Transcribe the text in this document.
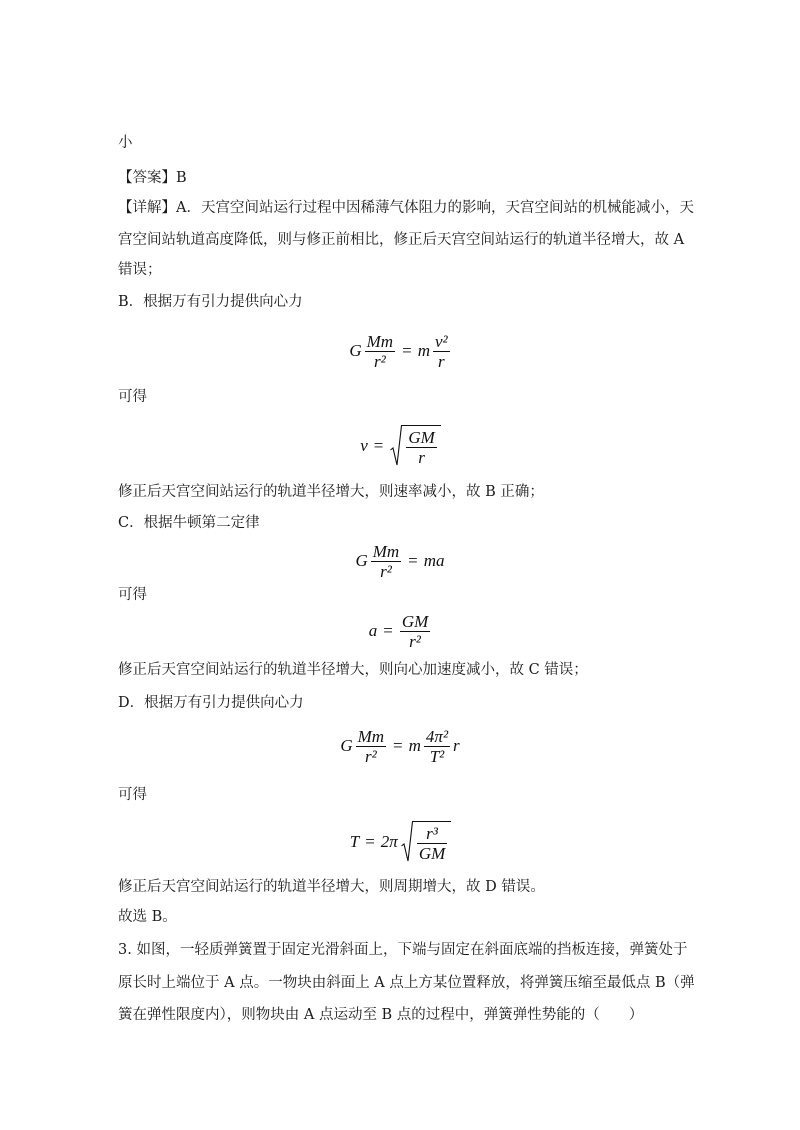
小
【答案】B
【详解】A．天宫空间站运行过程中因稀薄气体阻力的影响，天宫空间站的机械能减小，天
宫空间站轨道高度降低，则与修正前相比，修正后天宫空间站运行的轨道半径增大，故 A
错误；
B．根据万有引力提供向心力
G $\frac{Mm}{\text{r²}} = m \frac{\text{v²}}{r}$
可得
$v = \frac{GM}{r}$
修正后天宫空间站运行的轨道半径增大，则速率减小，故 B 正确；
C．根据牛顿第二定律
G $\frac{Mm}{\text{r²}}$ = ma
可得
$a = \frac{GM}{\text{r²}}$
修正后天宫空间站运行的轨道半径增大，则向心加速度减小，故 C 错误；
D．根据万有引力提供向心力
G $\frac{Mm}{\text{r²}} = m \frac{\text{4π²}}{\text{T²}}$ r
可得
$T = 2\pi \frac{\text{r³}}{GM}$
修正后天宫空间站运行的轨道半径增大，则周期增大，故 D 错误。
故选 B。
3. 如图，一轻质弹簧置于固定光滑斜面上，下端与固定在斜面底端的挡板连接，弹簧处于
原长时上端位于 A 点。一物块由斜面上 A 点上方某位置释放，将弹簧压缩至最低点 B（弹
簧在弹性限度内），则物块由 A 点运动至 B 点的过程中，弹簧弹性势能的（　　）
